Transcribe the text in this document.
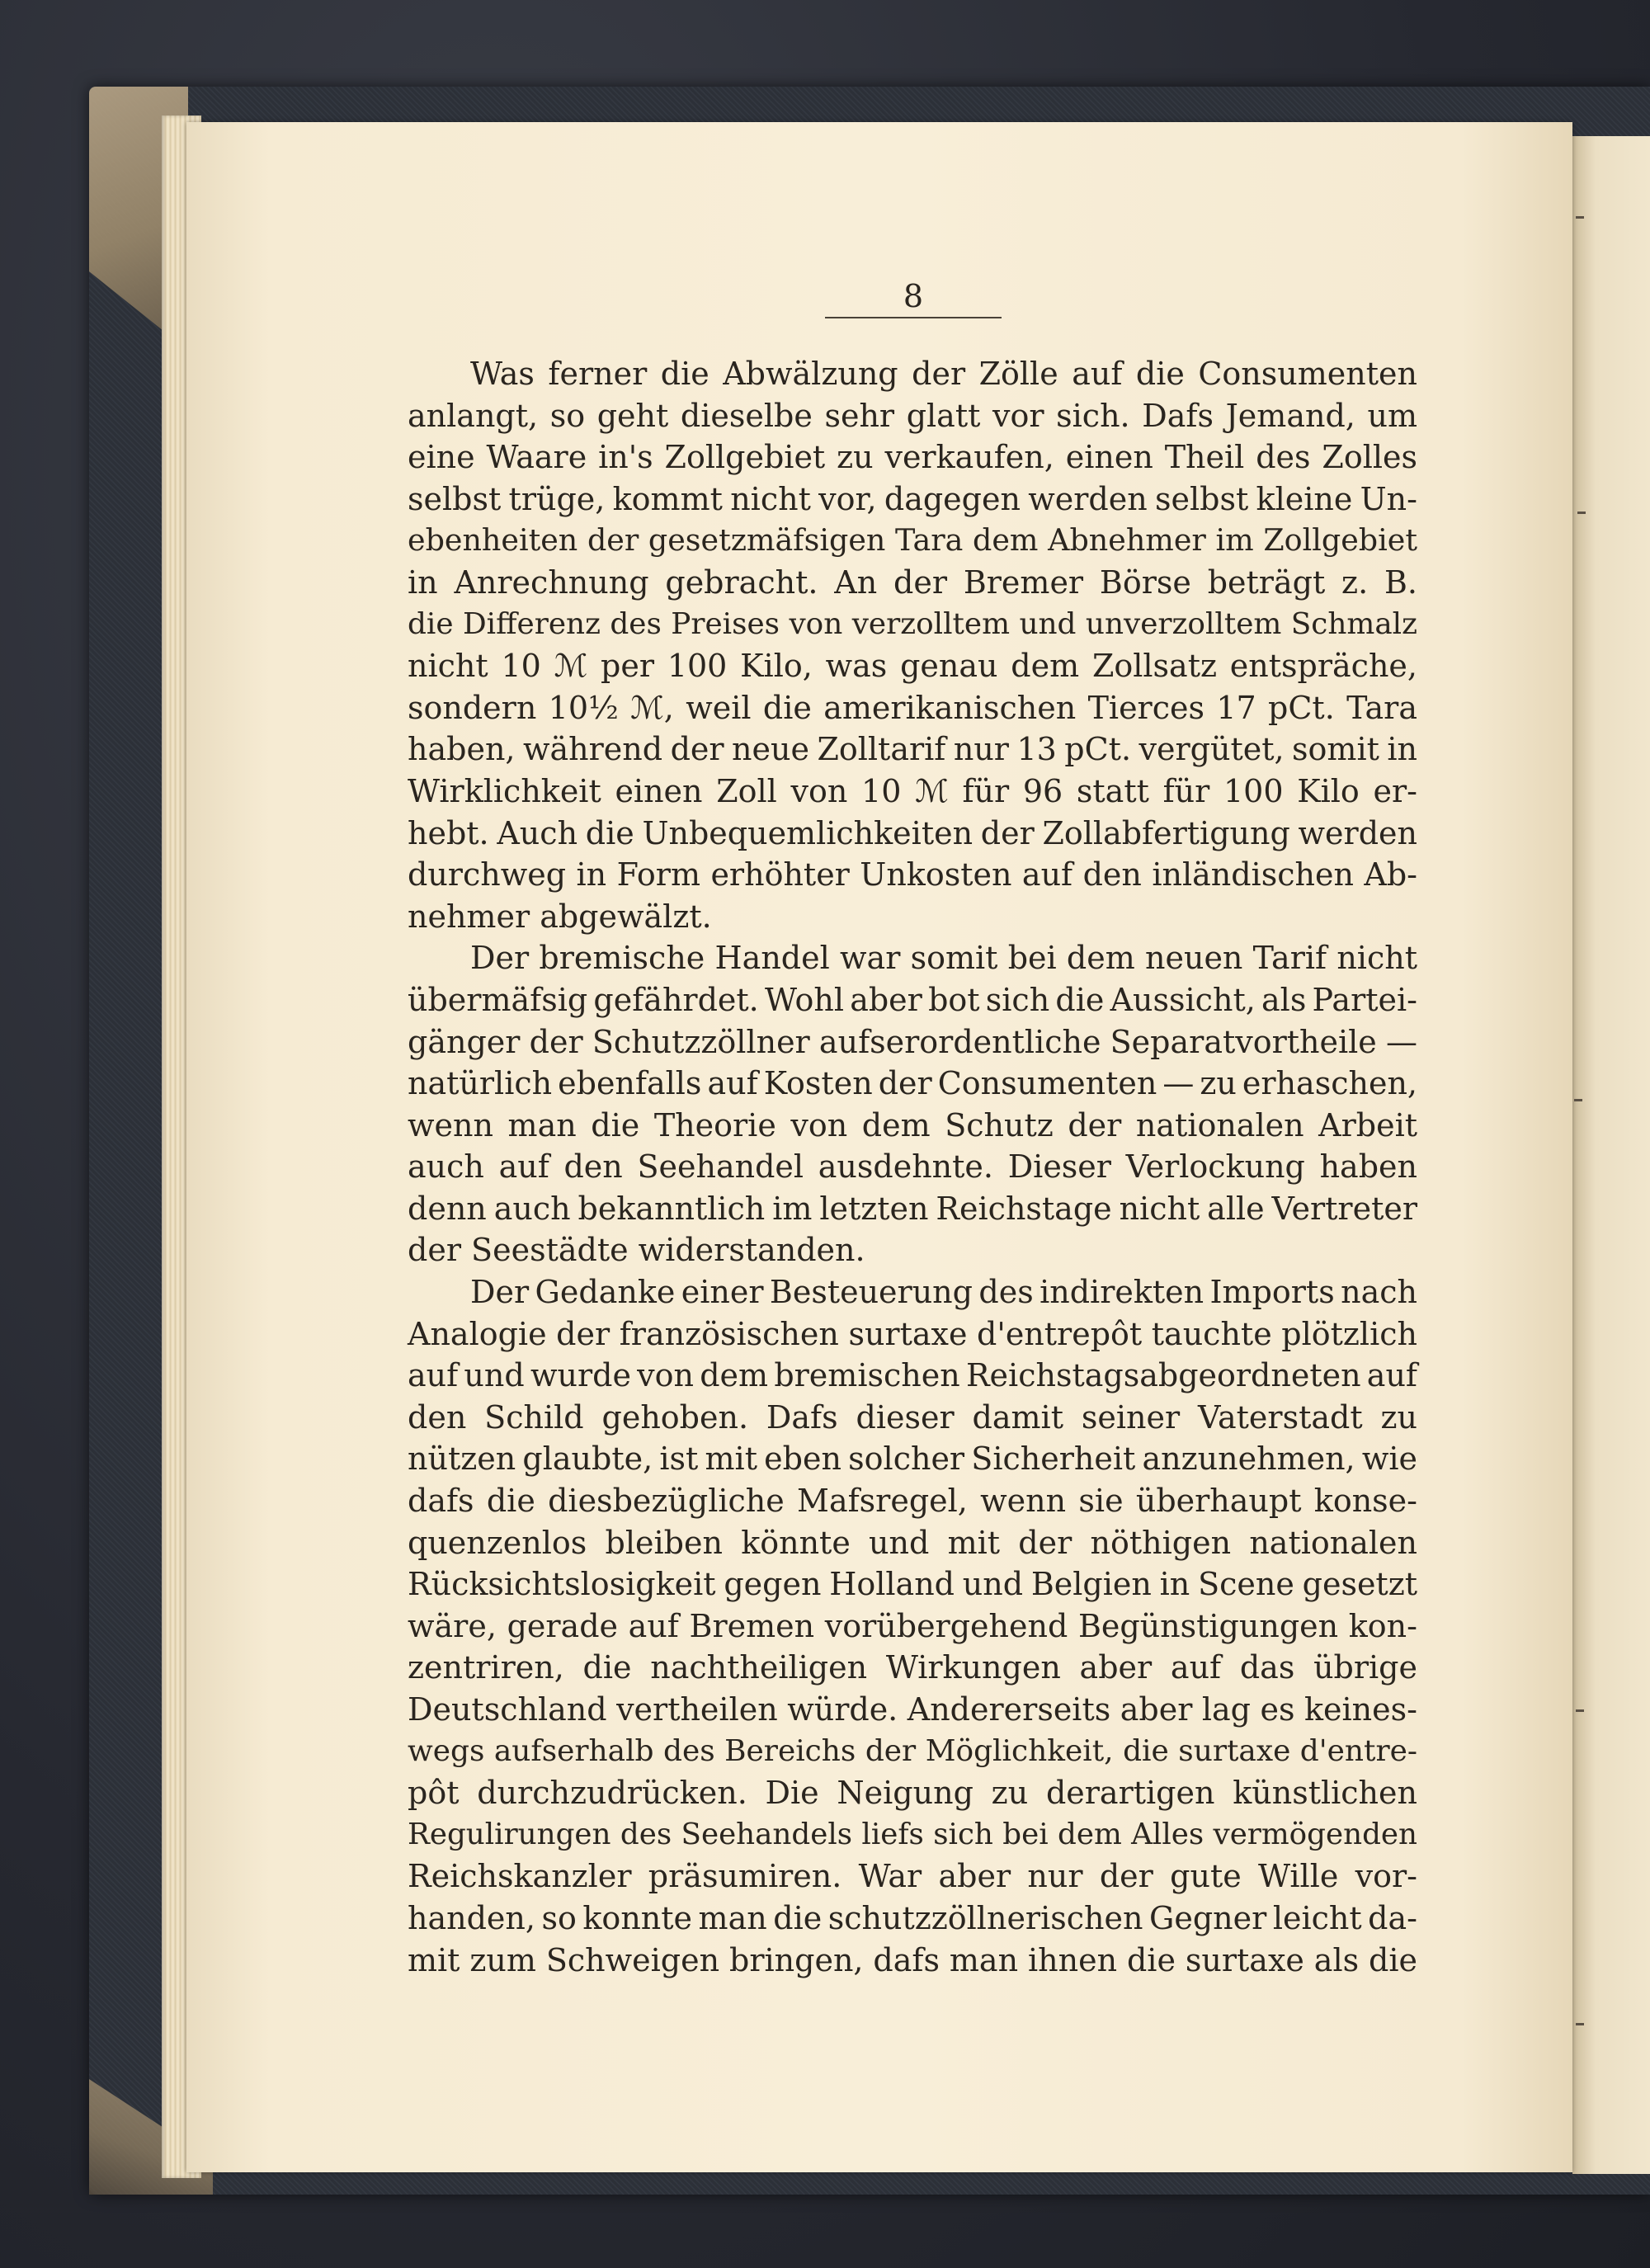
8
Was ferner die Abwälzung der Zölle auf die Consumenten
anlangt, so geht dieselbe sehr glatt vor sich. Dafs Jemand, um
eine Waare in's Zollgebiet zu verkaufen, einen Theil des Zolles
selbst trüge, kommt nicht vor, dagegen werden selbst kleine Un-
ebenheiten der gesetzmäfsigen Tara dem Abnehmer im Zollgebiet
in Anrechnung gebracht. An der Bremer Börse beträgt z. B.
die Differenz des Preises von verzolltem und unverzolltem Schmalz
nicht 10 ℳ per 100 Kilo, was genau dem Zollsatz entspräche,
sondern 10½ ℳ, weil die amerikanischen Tierces 17 pCt. Tara
haben, während der neue Zolltarif nur 13 pCt. vergütet, somit in
Wirklichkeit einen Zoll von 10 ℳ für 96 statt für 100 Kilo er-
hebt. Auch die Unbequemlichkeiten der Zollabfertigung werden
durchweg in Form erhöhter Unkosten auf den inländischen Ab-
nehmer abgewälzt.
Der bremische Handel war somit bei dem neuen Tarif nicht
übermäfsig gefährdet. Wohl aber bot sich die Aussicht, als Partei-
gänger der Schutzzöllner aufserordentliche Separatvortheile —
natürlich ebenfalls auf Kosten der Consumenten — zu erhaschen,
wenn man die Theorie von dem Schutz der nationalen Arbeit
auch auf den Seehandel ausdehnte. Dieser Verlockung haben
denn auch bekanntlich im letzten Reichstage nicht alle Vertreter
der Seestädte widerstanden.
Der Gedanke einer Besteuerung des indirekten Imports nach
Analogie der französischen surtaxe d'entrepôt tauchte plötzlich
auf und wurde von dem bremischen Reichstagsabgeordneten auf
den Schild gehoben. Dafs dieser damit seiner Vaterstadt zu
nützen glaubte, ist mit eben solcher Sicherheit anzunehmen, wie
dafs die diesbezügliche Mafsregel, wenn sie überhaupt konse-
quenzenlos bleiben könnte und mit der nöthigen nationalen
Rücksichtslosigkeit gegen Holland und Belgien in Scene gesetzt
wäre, gerade auf Bremen vorübergehend Begünstigungen kon-
zentriren, die nachtheiligen Wirkungen aber auf das übrige
Deutschland vertheilen würde. Andererseits aber lag es keines-
wegs aufserhalb des Bereichs der Möglichkeit, die surtaxe d'entre-
pôt durchzudrücken. Die Neigung zu derartigen künstlichen
Regulirungen des Seehandels liefs sich bei dem Alles vermögenden
Reichskanzler präsumiren. War aber nur der gute Wille vor-
handen, so konnte man die schutzzöllnerischen Gegner leicht da-
mit zum Schweigen bringen, dafs man ihnen die surtaxe als die
